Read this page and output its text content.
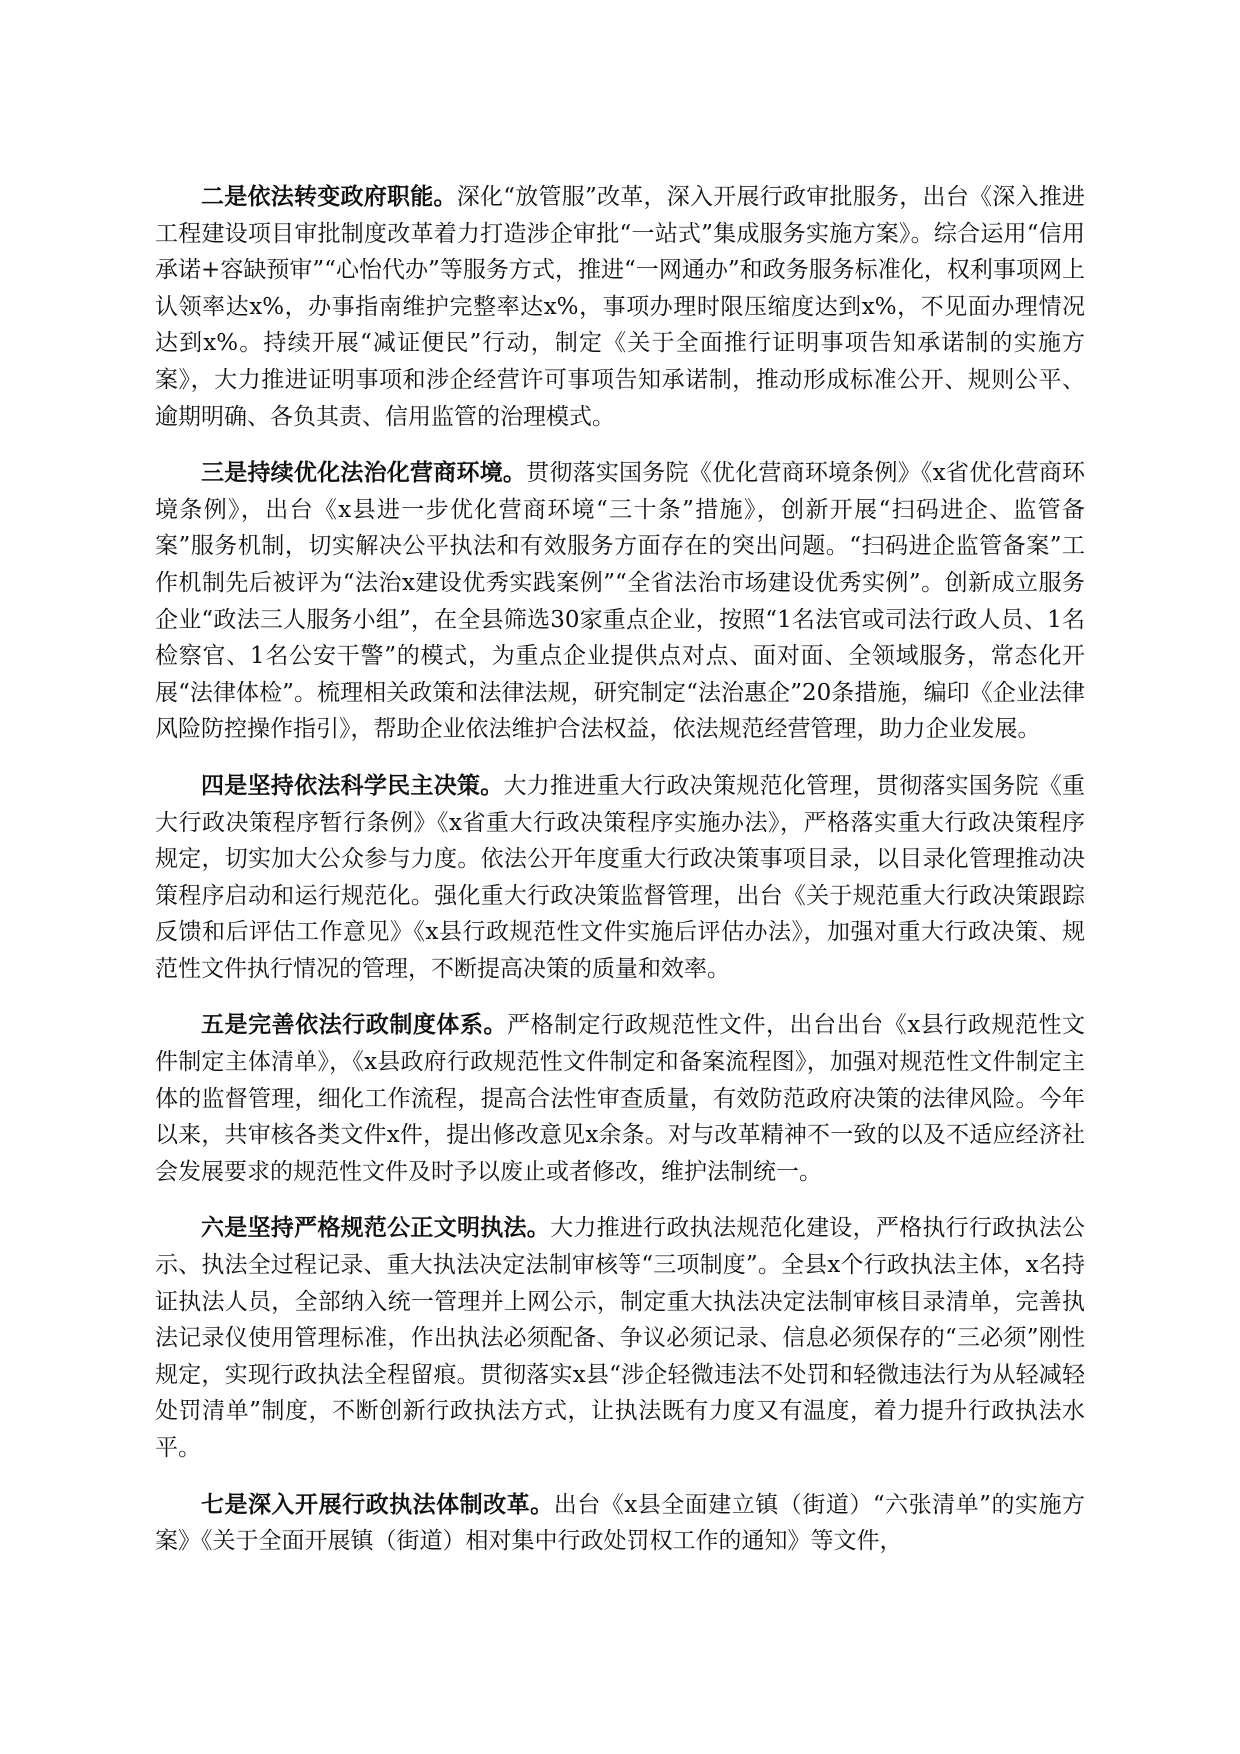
二是依法转变政府职能。深化“放管服”改革，深入开展行政审批服务，出台《深入推进工程建设项目审批制度改革着力打造涉企审批“一站式”集成服务实施方案》。综合运用“信用承诺+容缺预审”“心怡代办”等服务方式，推进“一网通办”和政务服务标准化，权利事项网上认领率达x%，办事指南维护完整率达x%，事项办理时限压缩度达到x%，不见面办理情况达到x%。持续开展“减证便民”行动，制定《关于全面推行证明事项告知承诺制的实施方案》，大力推进证明事项和涉企经营许可事项告知承诺制，推动形成标准公开、规则公平、逾期明确、各负其责、信用监管的治理模式。

三是持续优化法治化营商环境。贯彻落实国务院《优化营商环境条例》《x省优化营商环境条例》，出台《x县进一步优化营商环境“三十条”措施》，创新开展“扫码进企、监管备案”服务机制，切实解决公平执法和有效服务方面存在的突出问题。“扫码进企监管备案”工作机制先后被评为“法治x建设优秀实践案例”“全省法治市场建设优秀实例”。创新成立服务企业“政法三人服务小组”，在全县筛选30家重点企业，按照“1名法官或司法行政人员、1名检察官、1名公安干警”的模式，为重点企业提供点对点、面对面、全领域服务，常态化开展“法律体检”。梳理相关政策和法律法规，研究制定“法治惠企”20条措施，编印《企业法律风险防控操作指引》，帮助企业依法维护合法权益，依法规范经营管理，助力企业发展。

四是坚持依法科学民主决策。大力推进重大行政决策规范化管理，贯彻落实国务院《重大行政决策程序暂行条例》《x省重大行政决策程序实施办法》，严格落实重大行政决策程序规定，切实加大公众参与力度。依法公开年度重大行政决策事项目录，以目录化管理推动决策程序启动和运行规范化。强化重大行政决策监督管理，出台《关于规范重大行政决策跟踪反馈和后评估工作意见》《x县行政规范性文件实施后评估办法》，加强对重大行政决策、规范性文件执行情况的管理，不断提高决策的质量和效率。

五是完善依法行政制度体系。严格制定行政规范性文件，出台出台《x县行政规范性文件制定主体清单》，《x县政府行政规范性文件制定和备案流程图》，加强对规范性文件制定主体的监督管理，细化工作流程，提高合法性审查质量，有效防范政府决策的法律风险。今年以来，共审核各类文件x件，提出修改意见x余条。对与改革精神不一致的以及不适应经济社会发展要求的规范性文件及时予以废止或者修改，维护法制统一。

六是坚持严格规范公正文明执法。大力推进行政执法规范化建设，严格执行行政执法公示、执法全过程记录、重大执法决定法制审核等“三项制度”。全县x个行政执法主体，x名持证执法人员，全部纳入统一管理并上网公示，制定重大执法决定法制审核目录清单，完善执法记录仪使用管理标准，作出执法必须配备、争议必须记录、信息必须保存的“三必须”刚性规定，实现行政执法全程留痕。贯彻落实x县“涉企轻微违法不处罚和轻微违法行为从轻减轻处罚清单”制度，不断创新行政执法方式，让执法既有力度又有温度，着力提升行政执法水平。

七是深入开展行政执法体制改革。出台《x县全面建立镇（街道）“六张清单”的实施方案》《关于全面开展镇（街道）相对集中行政处罚权工作的通知》等文件，
